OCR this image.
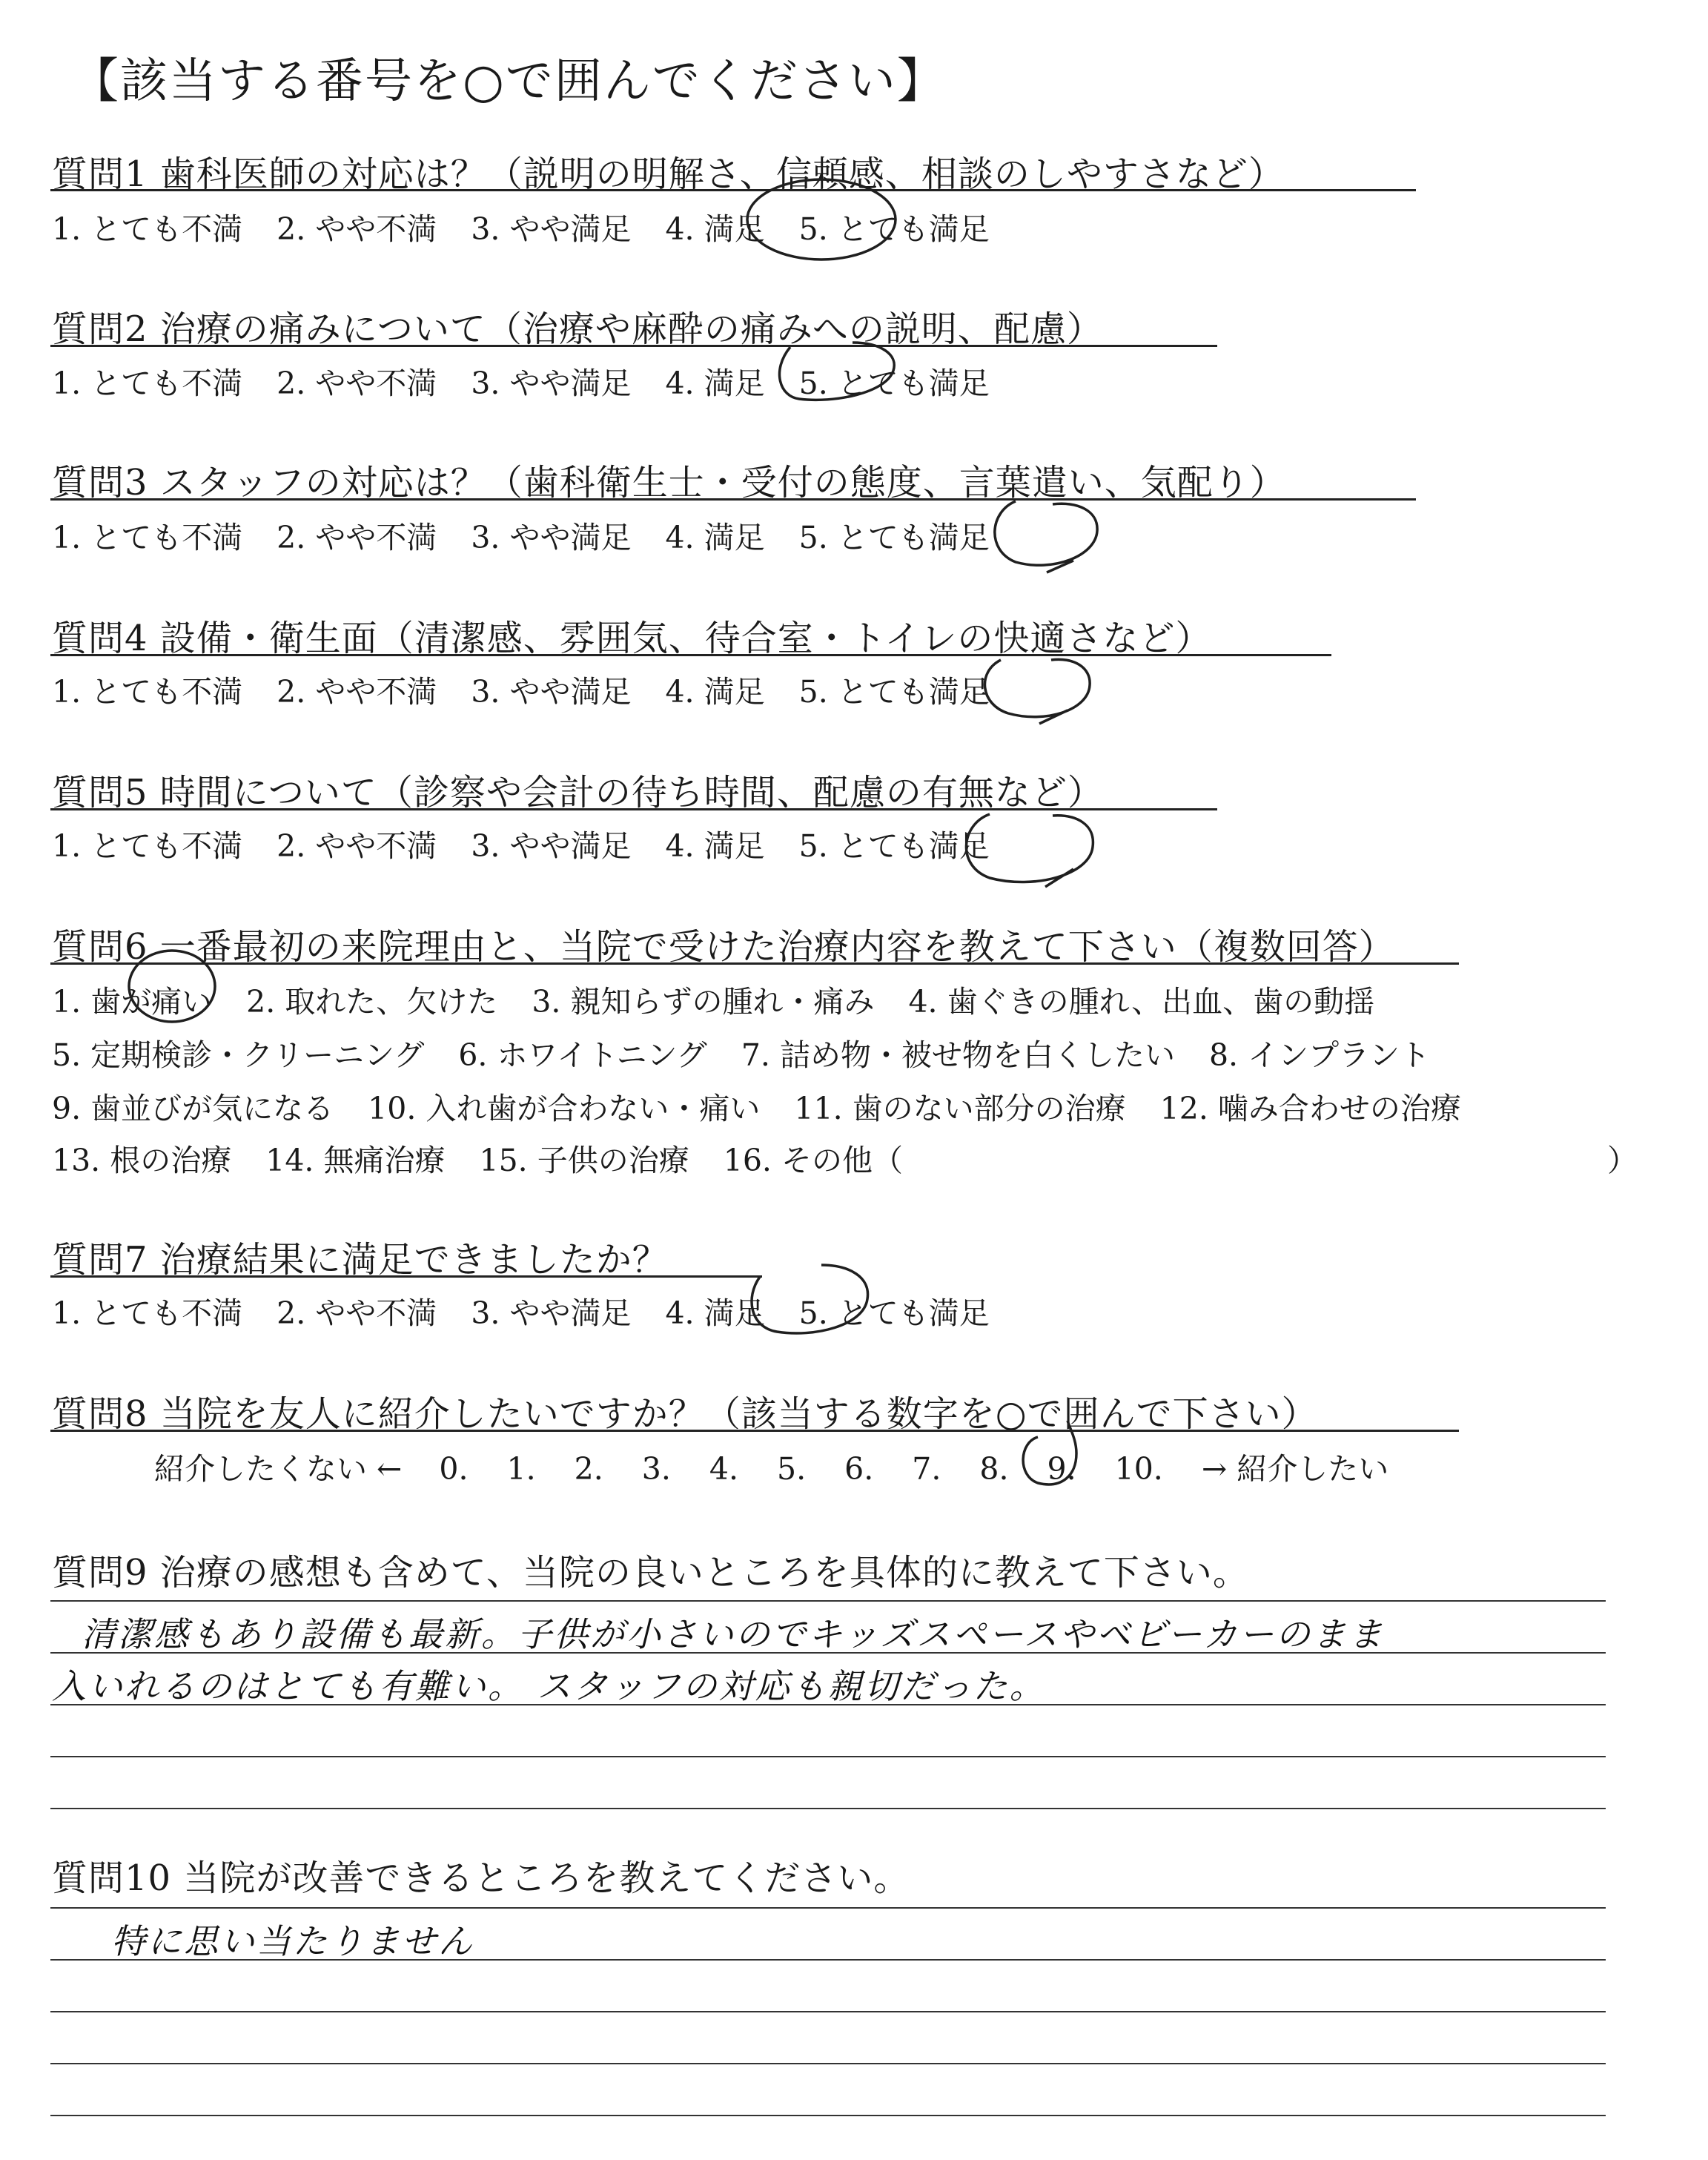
【該当する番号を○で囲んでください】
質問1 歯科医師の対応は？（説明の明解さ、信頼感、相談のしやすさなど）
1. とても不満 2. やや不満 3. やや満足 4. 満足 5. とても満足
質問2 治療の痛みについて（治療や麻酔の痛みへの説明、配慮）
1. とても不満 2. やや不満 3. やや満足 4. 満足 5. とても満足
質問3 スタッフの対応は？（歯科衛生士・受付の態度、言葉遣い、気配り）
1. とても不満 2. やや不満 3. やや満足 4. 満足 5. とても満足
質問4 設備・衛生面（清潔感、雰囲気、待合室・トイレの快適さなど）
1. とても不満 2. やや不満 3. やや満足 4. 満足 5. とても満足
質問5 時間について（診察や会計の待ち時間、配慮の有無など）
1. とても不満 2. やや不満 3. やや満足 4. 満足 5. とても満足
質問6 一番最初の来院理由と、当院で受けた治療内容を教えて下さい（複数回答）
1. 歯が痛い 2. 取れた、欠けた 3. 親知らずの腫れ・痛み 4. 歯ぐきの腫れ、出血、歯の動揺
5. 定期検診・クリーニング 6. ホワイトニング 7. 詰め物・被せ物を白くしたい 8. インプラント
9. 歯並びが気になる 10. 入れ歯が合わない・痛い 11. 歯のない部分の治療 12. 噛み合わせの治療
13. 根の治療 14. 無痛治療 15. 子供の治療 16. その他（	）
質問7 治療結果に満足できましたか？
1. とても不満 2. やや不満 3. やや満足 4. 満足 5. とても満足
質問8 当院を友人に紹介したいですか？（該当する数字を○で囲んで下さい）
紹介したくない ← 0. 1. 2. 3. 4. 5. 6. 7. 8. 9. 10. → 紹介したい
質問9 治療の感想も含めて、当院の良いところを具体的に教えて下さい。
清潔感もあり設備も最新。子供が小さいのでキッズスペースやベビーカーのまま
入いれるのはとても有難い。 スタッフの対応も親切だった。
質問10 当院が改善できるところを教えてください。
特に思い当たりません
